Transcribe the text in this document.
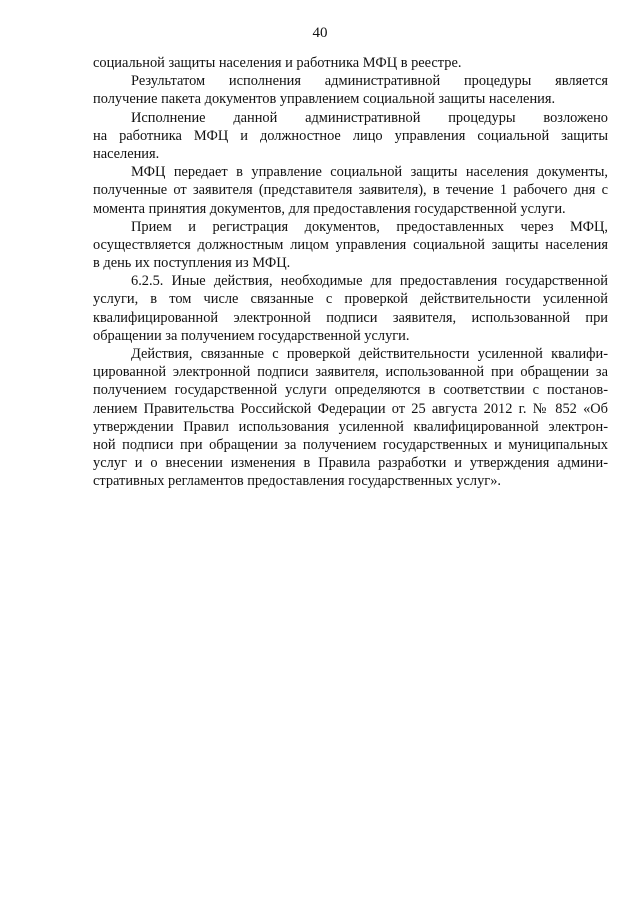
40
социальной защиты населения и работника МФЦ в реестре.
Результатом исполнения административной процедуры является
получение пакета документов управлением социальной защиты населения.
Исполнение данной административной процедуры возложено
на работника МФЦ и должностное лицо управления социальной защиты
населения.
МФЦ передает в управление социальной защиты населения документы,
полученные от заявителя (представителя заявителя), в течение 1 рабочего дня с
момента принятия документов, для предоставления государственной услуги.
Прием и регистрация документов, предоставленных через МФЦ,
осуществляется должностным лицом управления социальной защиты населения
в день их поступления из МФЦ.
6.2.5. Иные действия, необходимые для предоставления государственной
услуги, в том числе связанные с проверкой действительности усиленной
квалифицированной электронной подписи заявителя, использованной при
обращении за получением государственной услуги.
Действия, связанные с проверкой действительности усиленной квалифи-
цированной электронной подписи заявителя, использованной при обращении за
получением государственной услуги определяются в соответствии с постанов-
лением Правительства Российской Федерации от 25 августа 2012 г. № 852 «Об
утверждении Правил использования усиленной квалифицированной электрон-
ной подписи при обращении за получением государственных и муниципальных
услуг и о внесении изменения в Правила разработки и утверждения админи-
стративных регламентов предоставления государственных услуг».
